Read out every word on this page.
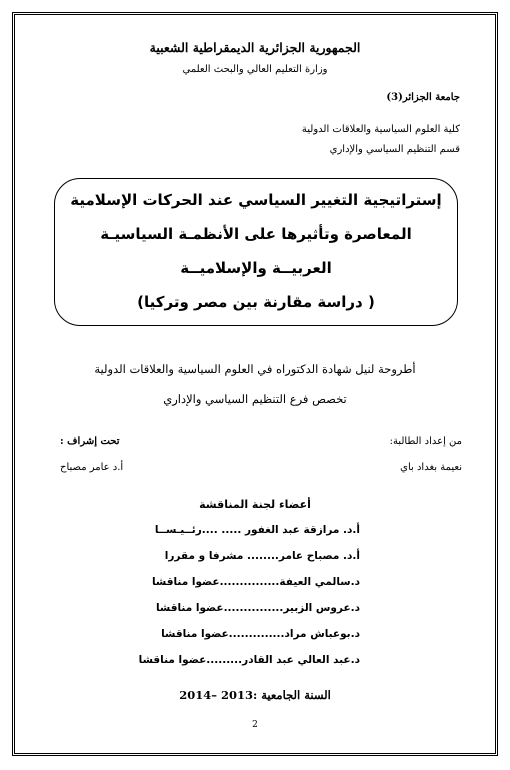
الجمهورية الجزائرية الديمقراطية الشعبية
وزارة التعليم العالي والبحث العلمي
جامعة الجزائر(3)
كلية العلوم السياسية والعلاقات الدولية
قسم التنظيم السياسي والإداري
إستراتيجية التغيير السياسي عند الحركات الإسلامية
المعاصرة وتأثيرها على الأنظمـة السياسيـة
العربيــة والإسلاميــة
( دراسة مقارنة بين مصر وتركيا)
أطروحة لنيل شهادة الدكتوراه في العلوم السياسية والعلاقات الدولية
تخصص فرع التنظيم السياسي والإداري
من إعداد الطالبة:
نعيمة بغداد باي
تحت إشراف :
أ.د عامر مصباح
أعضاء لجنة المناقشة
أ.د. مرازقة عبد الغفور ..... ....رئــيـســا
أ.د. مصباح عامر........ مشرفا و مقررا
د.سالمي العيفة...............عضوا مناقشا
د.عروس الزبير...............عضوا مناقشا
د.بوعباش مراد..............عضوا مناقشا
د.عبد العالي عبد القادر.........عضوا مناقشا
السنة الجامعية :2013 –2014
2
